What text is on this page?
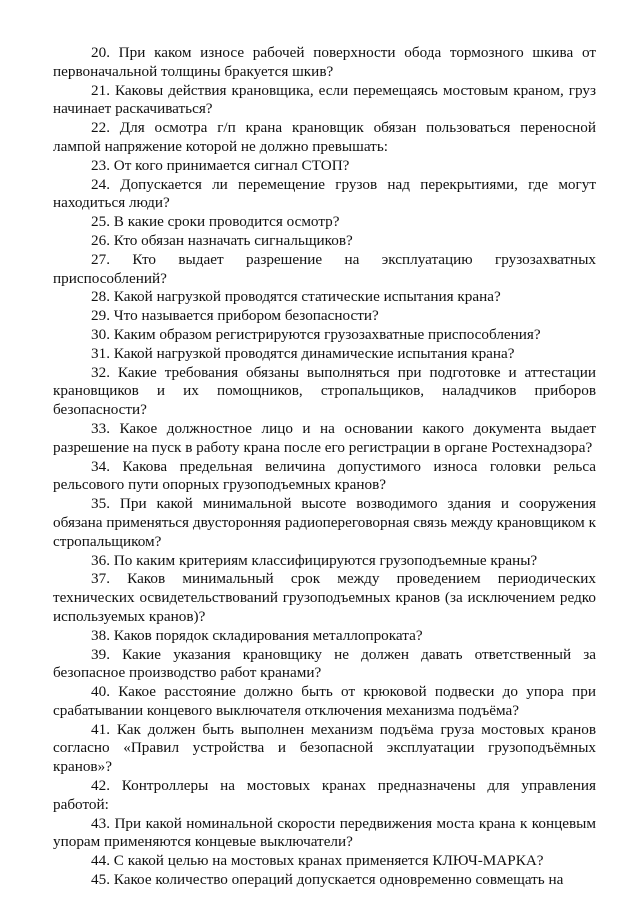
20. При каком износе рабочей поверхности обода тормозного шкива от первоначальной толщины бракуется шкив?

21. Каковы действия крановщика, если перемещаясь мостовым краном, груз начинает раскачиваться?

22. Для осмотра г/п крана крановщик обязан пользоваться переносной лампой напряжение которой не должно превышать:

23. От кого принимается сигнал СТОП?

24. Допускается ли перемещение грузов над перекрытиями, где могут находиться люди?

25. В какие сроки проводится осмотр?

26. Кто обязан назначать сигнальщиков?

27. Кто выдает разрешение на эксплуатацию грузозахватных приспособлений?

28. Какой нагрузкой проводятся статические испытания крана?

29. Что называется прибором безопасности?

30. Каким образом регистрируются грузозахватные приспособления?

31. Какой нагрузкой проводятся динамические испытания крана?

32. Какие требования обязаны выполняться при подготовке и аттестации крановщиков и их помощников, стропальщиков, наладчиков приборов безопасности?

33. Какое должностное лицо и на основании какого документа выдает разрешение на пуск в работу крана после его регистрации в органе Ростехнадзора?

34. Какова предельная величина допустимого износа головки рельса рельсового пути опорных грузоподъемных кранов?

35. При какой минимальной высоте возводимого здания и сооружения обязана применяться двусторонняя радиопереговорная связь между крановщиком к стропальщиком?

36. По каким критериям классифицируются грузоподъемные краны?

37. Каков минимальный срок между проведением периодических технических освидетельствований грузоподъемных кранов (за исключением редко используемых кранов)?

38. Каков порядок складирования металлопроката?

39. Какие указания крановщику не должен давать ответственный за безопасное производство работ кранами?

40. Какое расстояние должно быть от крюковой подвески до упора при срабатывании концевого выключателя отключения механизма подъёма?

41. Как должен быть выполнен механизм подъёма груза мостовых кранов согласно «Правил устройства и безопасной эксплуатации грузоподъёмных кранов»?

42. Контроллеры на мостовых кранах предназначены для управления работой:

43. При какой номинальной скорости передвижения моста крана к концевым упорам применяются концевые выключатели?

44. С какой целью на мостовых кранах применяется КЛЮЧ-МАРКА?

45. Какое количество операций допускается одновременно совмещать на
